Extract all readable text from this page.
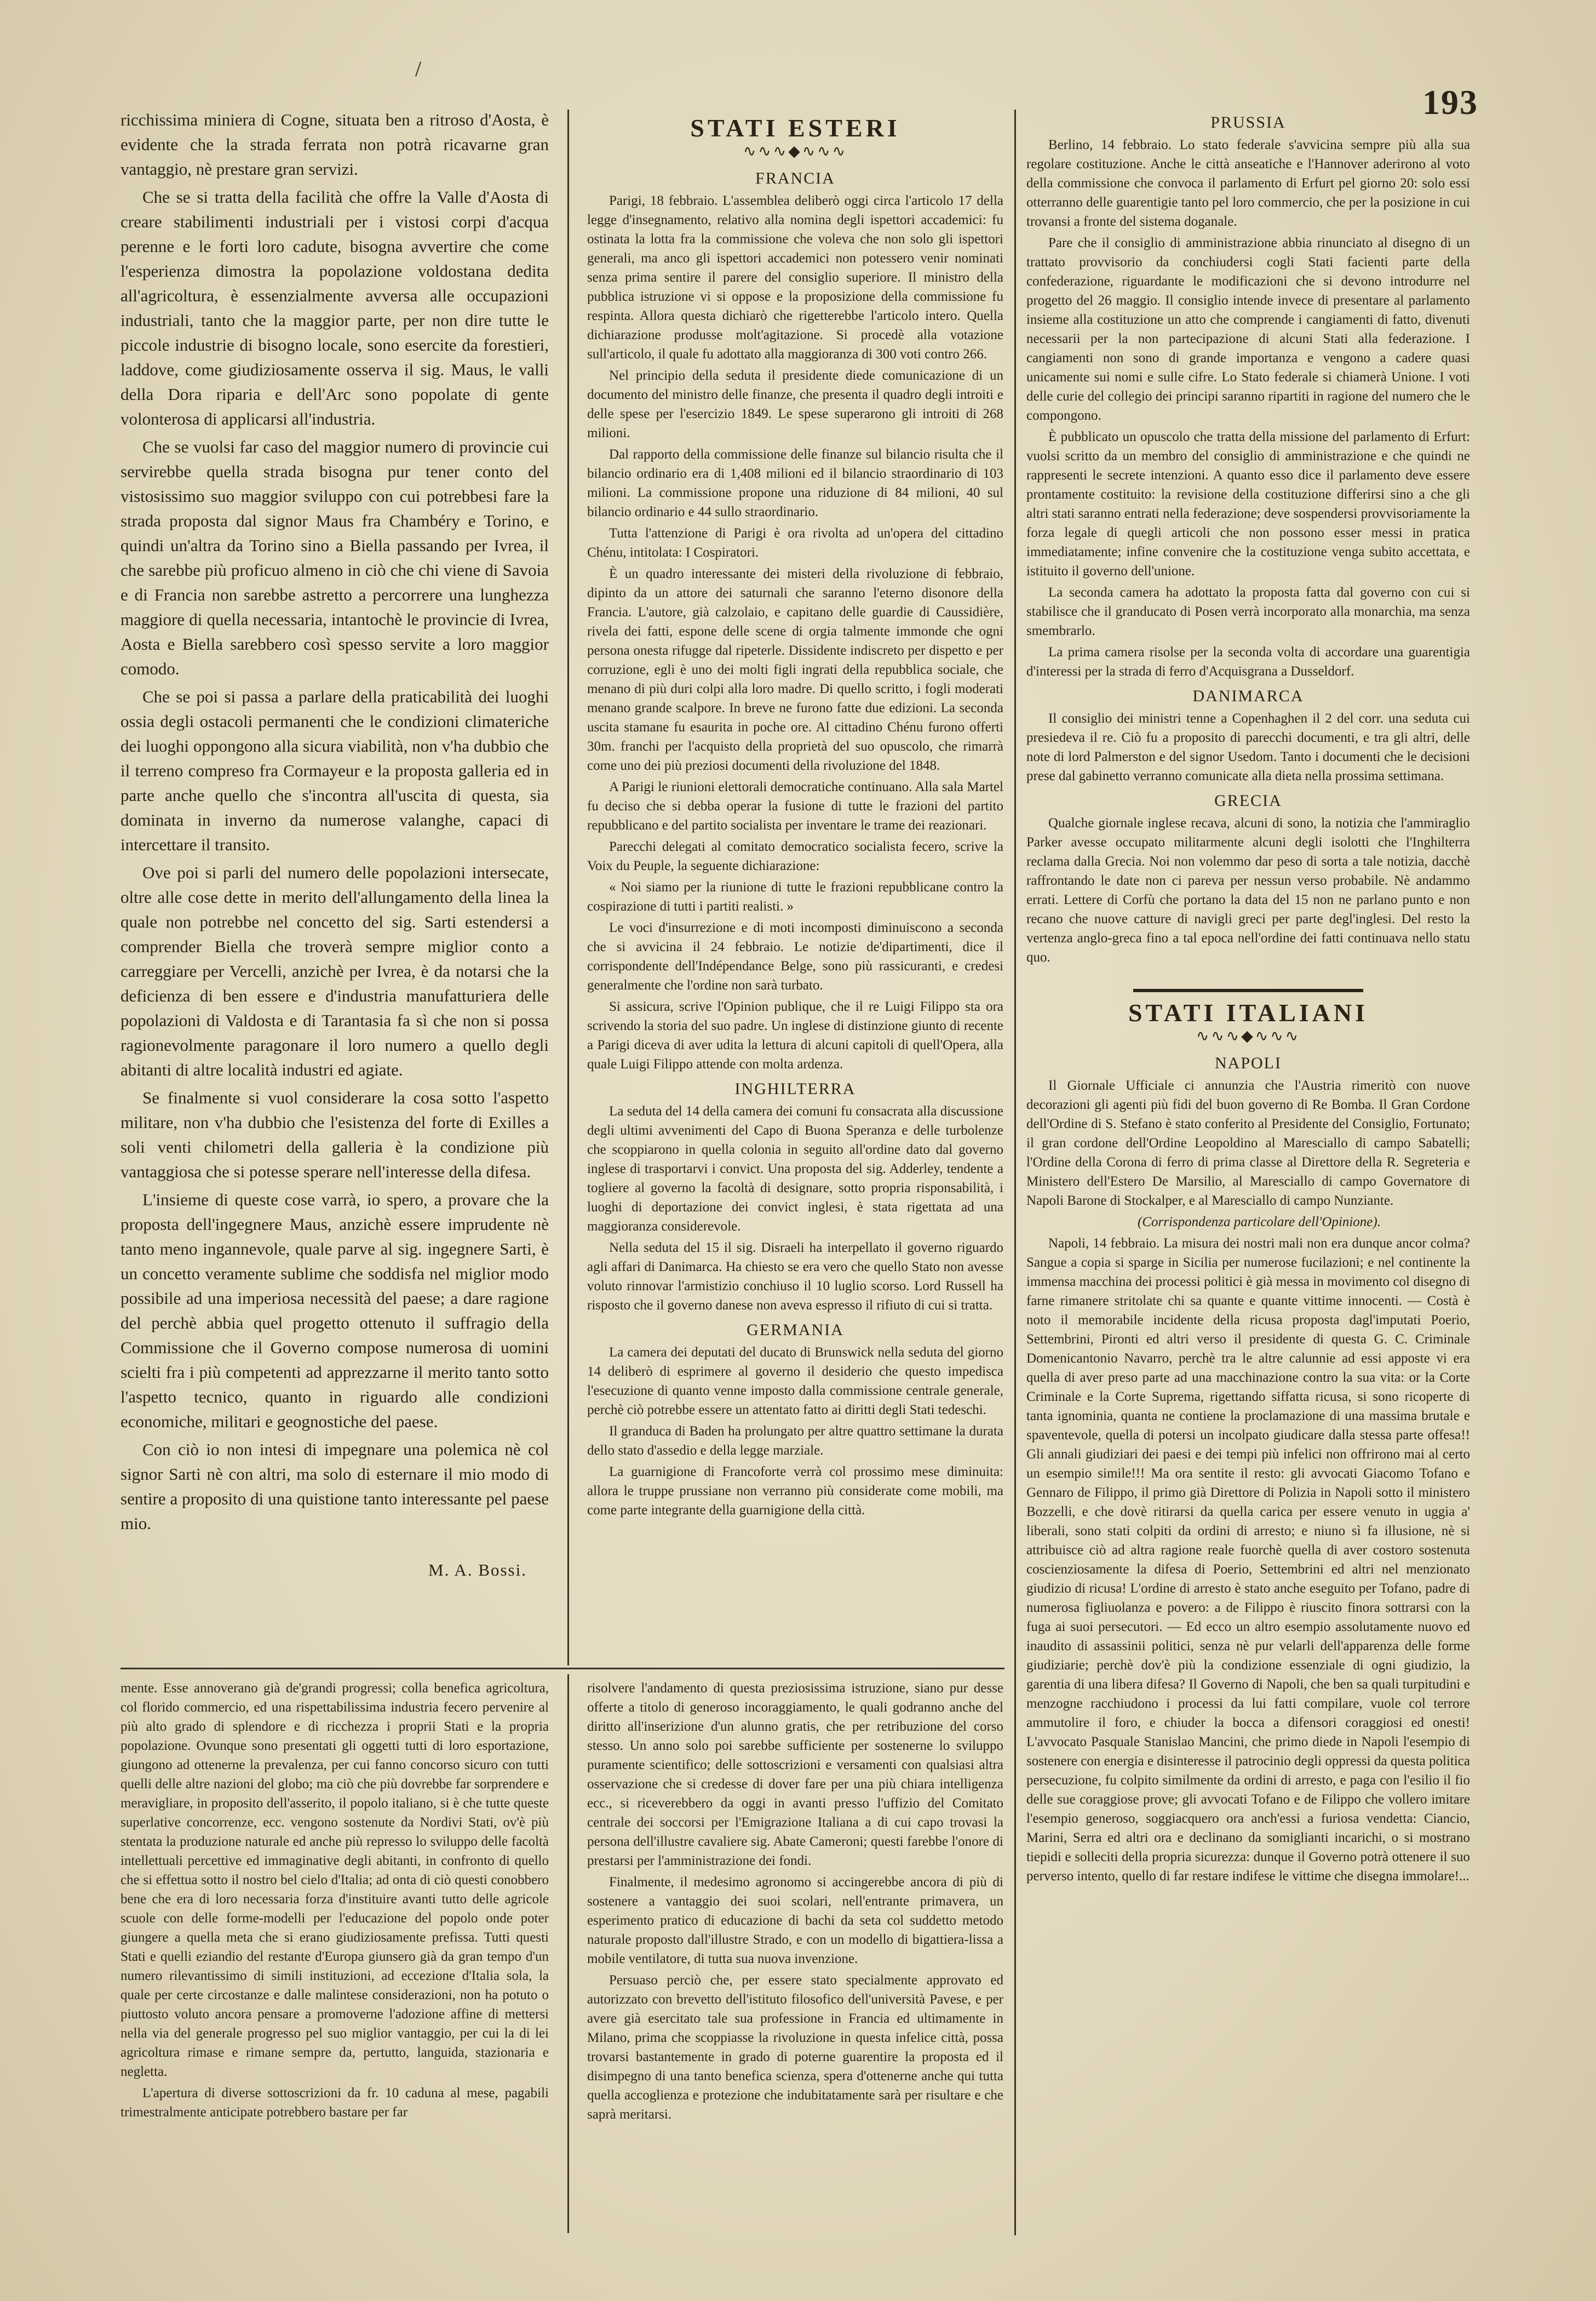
/
193

ricchissima miniera di Cogne, situata ben a ritroso d'Aosta, è evidente che la strada ferrata non potrà ricavarne gran vantaggio, nè prestare gran servizi.

Che se si tratta della facilità che offre la Valle d'Aosta di creare stabilimenti industriali per i vistosi corpi d'acqua perenne e le forti loro cadute, bisogna avvertire che come l'esperienza dimostra la popolazione voldostana dedita all'agricoltura, è essenzialmente avversa alle occupazioni industriali, tanto che la maggior parte, per non dire tutte le piccole industrie di bisogno locale, sono esercite da forestieri, laddove, come giudiziosamente osserva il sig. Maus, le valli della Dora riparia e dell'Arc sono popolate di gente volonterosa di applicarsi all'industria.

Che se vuolsi far caso del maggior numero di provincie cui servirebbe quella strada bisogna pur tener conto del vistosissimo suo maggior sviluppo con cui potrebbesi fare la strada proposta dal signor Maus fra Chambéry e Torino, e quindi un'altra da Torino sino a Biella passando per Ivrea, il che sarebbe più proficuo almeno in ciò che chi viene di Savoia e di Francia non sarebbe astretto a percorrere una lunghezza maggiore di quella necessaria, intantochè le provincie di Ivrea, Aosta e Biella sarebbero così spesso servite a loro maggior comodo.

Che se poi si passa a parlare della praticabilità dei luoghi ossia degli ostacoli permanenti che le condizioni climateriche dei luoghi oppongono alla sicura viabilità, non v'ha dubbio che il terreno compreso fra Cormayeur e la proposta galleria ed in parte anche quello che s'incontra all'uscita di questa, sia dominata in inverno da numerose valanghe, capaci di intercettare il transito.

Ove poi si parli del numero delle popolazioni intersecate, oltre alle cose dette in merito dell'allungamento della linea la quale non potrebbe nel concetto del sig. Sarti estendersi a comprender Biella che troverà sempre miglior conto a carreggiare per Vercelli, anzichè per Ivrea, è da notarsi che la deficienza di ben essere e d'industria manufatturiera delle popolazioni di Valdosta e di Tarantasia fa sì che non si possa ragionevolmente paragonare il loro numero a quello degli abitanti di altre località industri ed agiate.

Se finalmente si vuol considerare la cosa sotto l'aspetto militare, non v'ha dubbio che l'esistenza del forte di Exilles a soli venti chilometri della galleria è la condizione più vantaggiosa che si potesse sperare nell'interesse della difesa.

L'insieme di queste cose varrà, io spero, a provare che la proposta dell'ingegnere Maus, anzichè essere imprudente nè tanto meno ingannevole, quale parve al sig. ingegnere Sarti, è un concetto veramente sublime che soddisfa nel miglior modo possibile ad una imperiosa necessità del paese; a dare ragione del perchè abbia quel progetto ottenuto il suffragio della Commissione che il Governo compose numerosa di uomini scielti fra i più competenti ad apprezzarne il merito tanto sotto l'aspetto tecnico, quanto in riguardo alle condizioni economiche, militari e geognostiche del paese.

Con ciò io non intesi di impegnare una polemica nè col signor Sarti nè con altri, ma solo di esternare il mio modo di sentire a proposito di una quistione tanto interessante pel paese mio.

M. A. Bossi.
STATI ESTERI
∿∿∿◆∿∿∿
FRANCIA

Parigi, 18 febbraio. L'assemblea deliberò oggi circa l'articolo 17 della legge d'insegnamento, relativo alla nomina degli ispettori accademici: fu ostinata la lotta fra la commissione che voleva che non solo gli ispettori generali, ma anco gli ispettori accademici non potessero venir nominati senza prima sentire il parere del consiglio superiore. Il ministro della pubblica istruzione vi si oppose e la proposizione della commissione fu respinta. Allora questa dichiarò che rigetterebbe l'articolo intero. Quella dichiarazione produsse molt'agitazione. Si procedè alla votazione sull'articolo, il quale fu adottato alla maggioranza di 300 voti contro 266.

Nel principio della seduta il presidente diede comunicazione di un documento del ministro delle finanze, che presenta il quadro degli introiti e delle spese per l'esercizio 1849. Le spese superarono gli introiti di 268 milioni.

Dal rapporto della commissione delle finanze sul bilancio risulta che il bilancio ordinario era di 1,408 milioni ed il bilancio straordinario di 103 milioni. La commissione propone una riduzione di 84 milioni, 40 sul bilancio ordinario e 44 sullo straordinario.

Tutta l'attenzione di Parigi è ora rivolta ad un'opera del cittadino Chénu, intitolata: I Cospiratori.

È un quadro interessante dei misteri della rivoluzione di febbraio, dipinto da un attore dei saturnali che saranno l'eterno disonore della Francia. L'autore, già calzolaio, e capitano delle guardie di Caussidière, rivela dei fatti, espone delle scene di orgia talmente immonde che ogni persona onesta rifugge dal ripeterle. Dissidente indiscreto per dispetto e per corruzione, egli è uno dei molti figli ingrati della repubblica sociale, che menano di più duri colpi alla loro madre. Di quello scritto, i fogli moderati menano grande scalpore. In breve ne furono fatte due edizioni. La seconda uscita stamane fu esaurita in poche ore. Al cittadino Chénu furono offerti 30m. franchi per l'acquisto della proprietà del suo opuscolo, che rimarrà come uno dei più preziosi documenti della rivoluzione del 1848.

A Parigi le riunioni elettorali democratiche continuano. Alla sala Martel fu deciso che si debba operar la fusione di tutte le frazioni del partito repubblicano e del partito socialista per inventare le trame dei reazionari.

Parecchi delegati al comitato democratico socialista fecero, scrive la Voix du Peuple, la seguente dichiarazione:

« Noi siamo per la riunione di tutte le frazioni repubblicane contro la cospirazione di tutti i partiti realisti. »

Le voci d'insurrezione e di moti incomposti diminuiscono a seconda che si avvicina il 24 febbraio. Le notizie de'dipartimenti, dice il corrispondente dell'Indépendance Belge, sono più rassicuranti, e credesi generalmente che l'ordine non sarà turbato.

Si assicura, scrive l'Opinion publique, che il re Luigi Filippo sta ora scrivendo la storia del suo padre. Un inglese di distinzione giunto di recente a Parigi diceva di aver udita la lettura di alcuni capitoli di quell'Opera, alla quale Luigi Filippo attende con molta ardenza.

INGHILTERRA

La seduta del 14 della camera dei comuni fu consacrata alla discussione degli ultimi avvenimenti del Capo di Buona Speranza e delle turbolenze che scoppiarono in quella colonia in seguito all'ordine dato dal governo inglese di trasportarvi i convict. Una proposta del sig. Adderley, tendente a togliere al governo la facoltà di designare, sotto propria risponsabilità, i luoghi di deportazione dei convict inglesi, è stata rigettata ad una maggioranza considerevole.

Nella seduta del 15 il sig. Disraeli ha interpellato il governo riguardo agli affari di Danimarca. Ha chiesto se era vero che quello Stato non avesse voluto rinnovar l'armistizio conchiuso il 10 luglio scorso. Lord Russell ha risposto che il governo danese non aveva espresso il rifiuto di cui si tratta.

GERMANIA

La camera dei deputati del ducato di Brunswick nella seduta del giorno 14 deliberò di esprimere al governo il desiderio che questo impedisca l'esecuzione di quanto venne imposto dalla commissione centrale generale, perchè ciò potrebbe essere un attentato fatto ai diritti degli Stati tedeschi.

Il granduca di Baden ha prolungato per altre quattro settimane la durata dello stato d'assedio e della legge marziale.

La guarnigione di Francoforte verrà col prossimo mese diminuita: allora le truppe prussiane non verranno più considerate come mobili, ma come parte integrante della guarnigione della città.

PRUSSIA

Berlino, 14 febbraio. Lo stato federale s'avvicina sempre più alla sua regolare costituzione. Anche le città anseatiche e l'Hannover aderirono al voto della commissione che convoca il parlamento di Erfurt pel giorno 20: solo essi otterranno delle guarentigie tanto pel loro commercio, che per la posizione in cui trovansi a fronte del sistema doganale.

Pare che il consiglio di amministrazione abbia rinunciato al disegno di un trattato provvisorio da conchiudersi cogli Stati facienti parte della confederazione, riguardante le modificazioni che si devono introdurre nel progetto del 26 maggio. Il consiglio intende invece di presentare al parlamento insieme alla costituzione un atto che comprende i cangiamenti di fatto, divenuti necessarii per la non partecipazione di alcuni Stati alla federazione. I cangiamenti non sono di grande importanza e vengono a cadere quasi unicamente sui nomi e sulle cifre. Lo Stato federale si chiamerà Unione. I voti delle curie del collegio dei principi saranno ripartiti in ragione del numero che le compongono.

È pubblicato un opuscolo che tratta della missione del parlamento di Erfurt: vuolsi scritto da un membro del consiglio di amministrazione e che quindi ne rappresenti le secrete intenzioni. A quanto esso dice il parlamento deve essere prontamente costituito: la revisione della costituzione differirsi sino a che gli altri stati saranno entrati nella federazione; deve sospendersi provvisoriamente la forza legale di quegli articoli che non possono esser messi in pratica immediatamente; infine convenire che la costituzione venga subito accettata, e istituito il governo dell'unione.

La seconda camera ha adottato la proposta fatta dal governo con cui si stabilisce che il granducato di Posen verrà incorporato alla monarchia, ma senza smembrarlo.

La prima camera risolse per la seconda volta di accordare una guarentigia d'interessi per la strada di ferro d'Acquisgrana a Dusseldorf.

DANIMARCA

Il consiglio dei ministri tenne a Copenhaghen il 2 del corr. una seduta cui presiedeva il re. Ciò fu a proposito di parecchi documenti, e tra gli altri, delle note di lord Palmerston e del signor Usedom. Tanto i documenti che le decisioni prese dal gabinetto verranno comunicate alla dieta nella prossima settimana.

GRECIA

Qualche giornale inglese recava, alcuni di sono, la notizia che l'ammiraglio Parker avesse occupato militarmente alcuni degli isolotti che l'Inghilterra reclama dalla Grecia. Noi non volemmo dar peso di sorta a tale notizia, dacchè raffrontando le date non ci pareva per nessun verso probabile. Nè andammo errati. Lettere di Corfù che portano la data del 15 non ne parlano punto e non recano che nuove catture di navigli greci per parte degl'inglesi. Del resto la vertenza anglo-greca fino a tal epoca nell'ordine dei fatti continuava nello statu quo.

STATI ITALIANI
∿∿∿◆∿∿∿
NAPOLI

Il Giornale Ufficiale ci annunzia che l'Austria rimeritò con nuove decorazioni gli agenti più fidi del buon governo di Re Bomba. Il Gran Cordone dell'Ordine di S. Stefano è stato conferito al Presidente del Consiglio, Fortunato; il gran cordone dell'Ordine Leopoldino al Maresciallo di campo Sabatelli; l'Ordine della Corona di ferro di prima classe al Direttore della R. Segreteria e Ministero dell'Estero De Marsilio, al Maresciallo di campo Governatore di Napoli Barone di Stockalper, e al Maresciallo di campo Nunziante.

(Corrispondenza particolare dell'Opinione).

Napoli, 14 febbraio. La misura dei nostri mali non era dunque ancor colma? Sangue a copia si sparge in Sicilia per numerose fucilazioni; e nel continente la immensa macchina dei processi politici è già messa in movimento col disegno di farne rimanere stritolate chi sa quante e quante vittime innocenti. — Costà è noto il memorabile incidente della ricusa proposta dagl'imputati Poerio, Settembrini, Pironti ed altri verso il presidente di questa G. C. Criminale Domenicantonio Navarro, perchè tra le altre calunnie ad essi apposte vi era quella di aver preso parte ad una macchinazione contro la sua vita: or la Corte Criminale e la Corte Suprema, rigettando siffatta ricusa, si sono ricoperte di tanta ignominia, quanta ne contiene la proclamazione di una massima brutale e spaventevole, quella di potersi un incolpato giudicare dalla stessa parte offesa!! Gli annali giudiziari dei paesi e dei tempi più infelici non offrirono mai al certo un esempio simile!!! Ma ora sentite il resto: gli avvocati Giacomo Tofano e Gennaro de Filippo, il primo già Direttore di Polizia in Napoli sotto il ministero Bozzelli, e che dovè ritirarsi da quella carica per essere venuto in uggia a' liberali, sono stati colpiti da ordini di arresto; e niuno sì fa illusione, nè si attribuisce ciò ad altra ragione reale fuorchè quella di aver costoro sostenuta coscienziosamente la difesa di Poerio, Settembrini ed altri nel menzionato giudizio di ricusa! L'ordine di arresto è stato anche eseguito per Tofano, padre di numerosa figliuolanza e povero: a de Filippo è riuscito finora sottrarsi con la fuga ai suoi persecutori. — Ed ecco un altro esempio assolutamente nuovo ed inaudito di assassinii politici, senza nè pur velarli dell'apparenza delle forme giudiziarie; perchè dov'è più la condizione essenziale di ogni giudizio, la garentia di una libera difesa? Il Governo di Napoli, che ben sa quali turpitudini e menzogne racchiudono i processi da lui fatti compilare, vuole col terrore ammutolire il foro, e chiuder la bocca a difensori coraggiosi ed onesti! L'avvocato Pasquale Stanislao Mancini, che primo diede in Napoli l'esempio di sostenere con energia e disinteresse il patrocinio degli oppressi da questa politica persecuzione, fu colpito similmente da ordini di arresto, e paga con l'esilio il fio delle sue coraggiose prove; gli avvocati Tofano e de Filippo che vollero imitare l'esempio generoso, soggiacquero ora anch'essi a furiosa vendetta: Ciancio, Marini, Serra ed altri ora e declinano da somiglianti incarichi, o si mostrano tiepidi e solleciti della propria sicurezza: dunque il Governo potrà ottenere il suo perverso intento, quello di far restare indifese le vittime che disegna immolare!...

mente. Esse annoverano già de'grandi progressi; colla benefica agricoltura, col florido commercio, ed una rispettabilissima industria fecero pervenire al più alto grado di splendore e di ricchezza i proprii Stati e la propria popolazione. Ovunque sono presentati gli oggetti tutti di loro esportazione, giungono ad ottenerne la prevalenza, per cui fanno concorso sicuro con tutti quelli delle altre nazioni del globo; ma ciò che più dovrebbe far sorprendere e meravigliare, in proposito dell'asserito, il popolo italiano, si è che tutte queste superlative concorrenze, ecc. vengono sostenute da Nordivi Stati, ov'è più stentata la produzione naturale ed anche più represso lo sviluppo delle facoltà intellettuali percettive ed immaginative degli abitanti, in confronto di quello che si effettua sotto il nostro bel cielo d'Italia; ad onta di ciò questi conobbero bene che era di loro necessaria forza d'instituire avanti tutto delle agricole scuole con delle forme-modelli per l'educazione del popolo onde poter giungere a quella meta che si erano giudiziosamente prefissa. Tutti questi Stati e quelli eziandio del restante d'Europa giunsero già da gran tempo d'un numero rilevantissimo di simili instituzioni, ad eccezione d'Italia sola, la quale per certe circostanze e dalle malintese considerazioni, non ha potuto o piuttosto voluto ancora pensare a promoverne l'adozione affine di mettersi nella via del generale progresso pel suo miglior vantaggio, per cui la di lei agricoltura rimase e rimane sempre da, pertutto, languida, stazionaria e negletta.

L'apertura di diverse sottoscrizioni da fr. 10 caduna al mese, pagabili trimestralmente anticipate potrebbero bastare per far

risolvere l'andamento di questa preziosissima istruzione, siano pur desse offerte a titolo di generoso incoraggiamento, le quali godranno anche del diritto all'inserizione d'un alunno gratis, che per retribuzione del corso stesso. Un anno solo poi sarebbe sufficiente per sostenerne lo sviluppo puramente scientifico; delle sottoscrizioni e versamenti con qualsiasi altra osservazione che si credesse di dover fare per una più chiara intelligenza ecc., si riceverebbero da oggi in avanti presso l'uffizio del Comitato centrale dei soccorsi per l'Emigrazione Italiana a di cui capo trovasi la persona dell'illustre cavaliere sig. Abate Cameroni; questi farebbe l'onore di prestarsi per l'amministrazione dei fondi.

Finalmente, il medesimo agronomo si accingerebbe ancora di più di sostenere a vantaggio dei suoi scolari, nell'entrante primavera, un esperimento pratico di educazione di bachi da seta col suddetto metodo naturale proposto dall'illustre Strado, e con un modello di bigattiera-lissa a mobile ventilatore, di tutta sua nuova invenzione.

Persuaso perciò che, per essere stato specialmente approvato ed autorizzato con brevetto dell'istituto filosofico dell'università Pavese, e per avere già esercitato tale sua professione in Francia ed ultimamente in Milano, prima che scoppiasse la rivoluzione in questa infelice città, possa trovarsi bastantemente in grado di poterne guarentire la proposta ed il disimpegno di una tanto benefica scienza, spera d'ottenerne anche qui tutta quella accoglienza e protezione che indubitatamente sarà per risultare e che saprà meritarsi.
